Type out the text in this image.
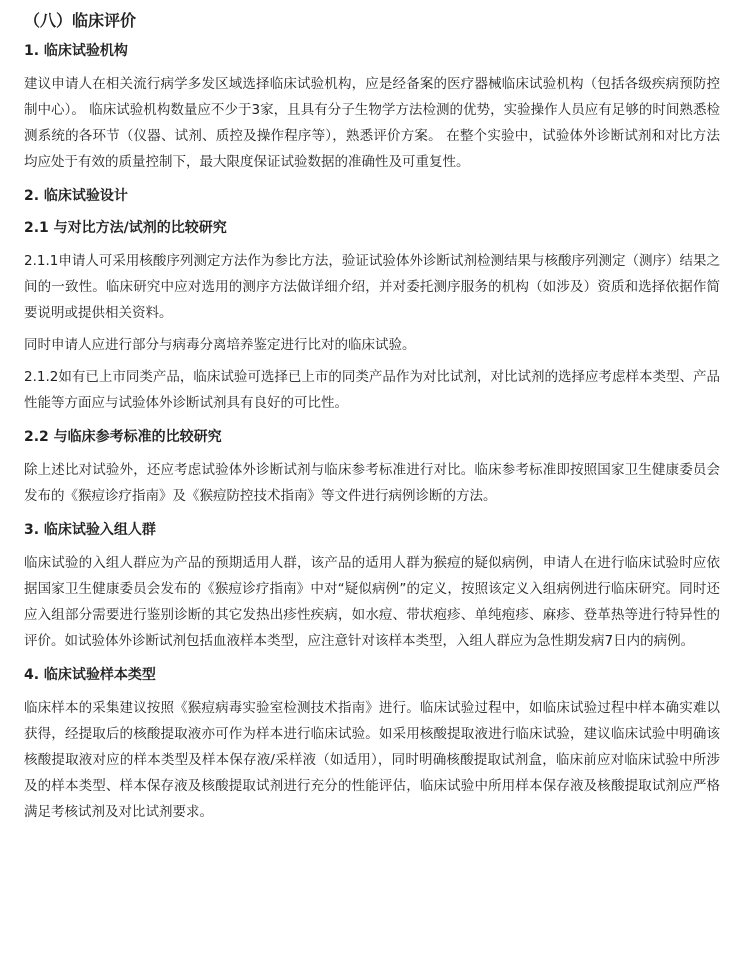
（八）临床评价
1. 临床试验机构
建议申请人在相关流行病学多发区域选择临床试验机构，应是经备案的医疗器械临床试验机构（包括各级疾病预防控制中心）。 临床试验机构数量应不少于3家，且具有分子生物学方法检测的优势，实验操作人员应有足够的时间熟悉检测系统的各环节（仪器、试剂、质控及操作程序等），熟悉评价方案。 在整个实验中，试验体外诊断试剂和对比方法均应处于有效的质量控制下，最大限度保证试验数据的准确性及可重复性。
2. 临床试验设计
2.1 与对比方法/试剂的比较研究
2.1.1申请人可采用核酸序列测定方法作为参比方法，验证试验体外诊断试剂检测结果与核酸序列测定（测序）结果之间的一致性。临床研究中应对选用的测序方法做详细介绍，并对委托测序服务的机构（如涉及）资质和选择依据作简要说明或提供相关资料。
同时申请人应进行部分与病毒分离培养鉴定进行比对的临床试验。
2.1.2如有已上市同类产品，临床试验可选择已上市的同类产品作为对比试剂，对比试剂的选择应考虑样本类型、产品性能等方面应与试验体外诊断试剂具有良好的可比性。
2.2 与临床参考标准的比较研究
除上述比对试验外，还应考虑试验体外诊断试剂与临床参考标准进行对比。临床参考标准即按照国家卫生健康委员会发布的《猴痘诊疗指南》及《猴痘防控技术指南》等文件进行病例诊断的方法。
3. 临床试验入组人群
临床试验的入组人群应为产品的预期适用人群，该产品的适用人群为猴痘的疑似病例，申请人在进行临床试验时应依据国家卫生健康委员会发布的《猴痘诊疗指南》中对“疑似病例”的定义，按照该定义入组病例进行临床研究。同时还应入组部分需要进行鉴别诊断的其它发热出疹性疾病，如水痘、带状疱疹、单纯疱疹、麻疹、登革热等进行特异性的评价。如试验体外诊断试剂包括血液样本类型，应注意针对该样本类型，入组人群应为急性期发病7日内的病例。
4. 临床试验样本类型
临床样本的采集建议按照《猴痘病毒实验室检测技术指南》进行。临床试验过程中，如临床试验过程中样本确实难以获得，经提取后的核酸提取液亦可作为样本进行临床试验。如采用核酸提取液进行临床试验，建议临床试验中明确该核酸提取液对应的样本类型及样本保存液/采样液（如适用），同时明确核酸提取试剂盒，临床前应对临床试验中所涉及的样本类型、样本保存液及核酸提取试剂进行充分的性能评估，临床试验中所用样本保存液及核酸提取试剂应严格满足考核试剂及对比试剂要求。
